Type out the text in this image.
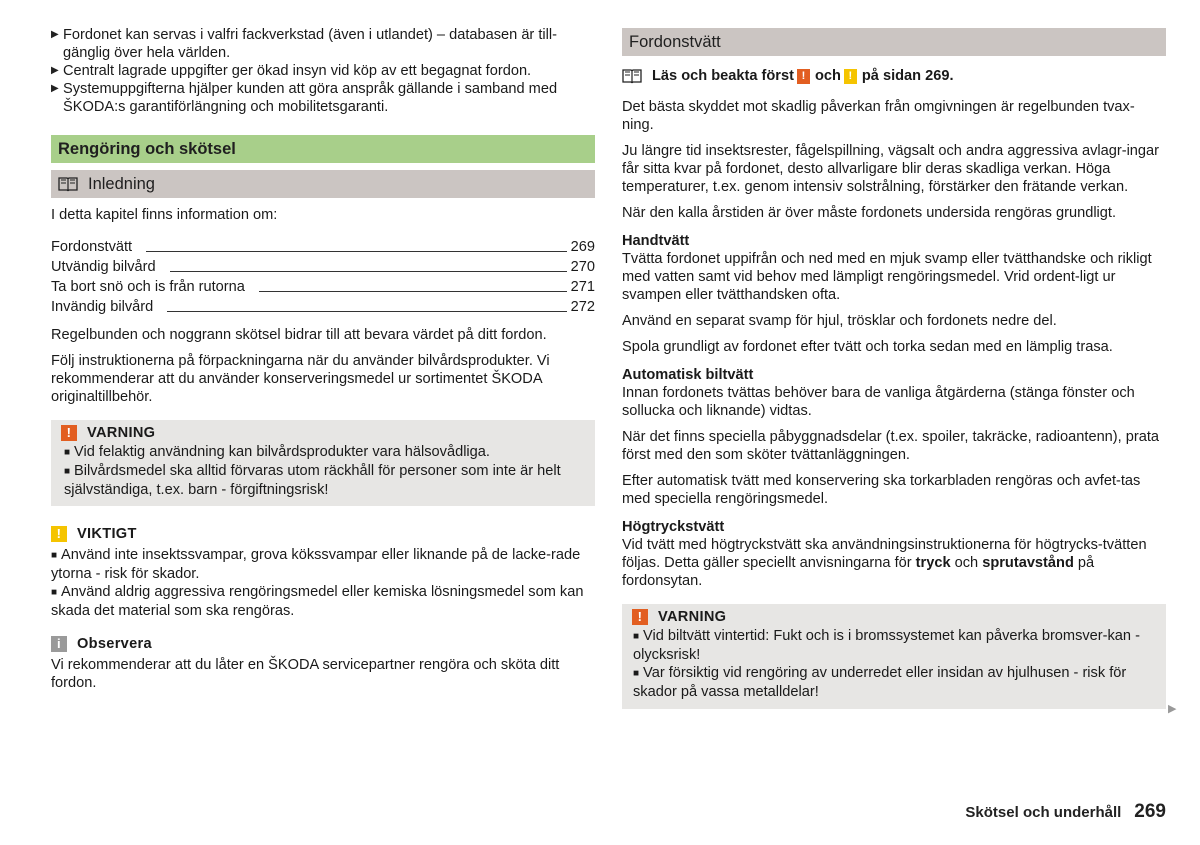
▶ Fordonet kan servas i valfri fackverkstad (även i utlandet) – databasen är till-gänglig över hela världen.
▶ Centralt lagrade uppgifter ger ökad insyn vid köp av ett begagnat fordon.
▶ Systemuppgifterna hjälper kunden att göra anspråk gällande i samband med ŠKODA:s garantiförlängning och mobilitetsgaranti.
Rengöring och skötsel
Inledning

I detta kapitel finns information om:

Fordonstvätt	269
Utvändig bilvård	270
Ta bort snö och is från rutorna	271
Invändig bilvård	272

Regelbunden och noggrann skötsel bidrar till att bevara värdet på ditt fordon.

Följ instruktionerna på förpackningarna när du använder bilvårdsprodukter. Vi rekommenderar att du använder konserveringsmedel ur sortimentet ŠKODA originaltillbehör.

!	VARNING
■ Vid felaktig användning kan bilvårdsprodukter vara hälsovådliga.
■ Bilvårdsmedel ska alltid förvaras utom räckhåll för personer som inte är helt självständiga, t.ex. barn - förgiftningsrisk!
!	VIKTIGT
■ Använd inte insektssvampar, grova kökssvampar eller liknande på de lacke-rade ytorna - risk för skador.
■ Använd aldrig aggressiva rengöringsmedel eller kemiska lösningsmedel som kan skada det material som ska rengöras.
i	Observera
Vi rekommenderar att du låter en ŠKODA servicepartner rengöra och sköta ditt fordon.
Fordonstvätt
Läs och beakta först ! och ! på sidan 269.

Det bästa skyddet mot skadlig påverkan från omgivningen är regelbunden tvax-ning.

Ju längre tid insektsrester, fågelspillning, vägsalt och andra aggressiva avlagr-ingar får sitta kvar på fordonet, desto allvarligare blir deras skadliga verkan. Höga temperaturer, t.ex. genom intensiv solstrålning, förstärker den frätande verkan.

När den kalla årstiden är över måste fordonets undersida rengöras grundligt.

Handtvätt
Tvätta fordonet uppifrån och ned med en mjuk svamp eller tvätthandske och rikligt med vatten samt vid behov med lämpligt rengöringsmedel. Vrid ordent-ligt ur svampen eller tvätthandsken ofta.

Använd en separat svamp för hjul, trösklar och fordonets nedre del.

Spola grundligt av fordonet efter tvätt och torka sedan med en lämplig trasa.

Automatisk biltvätt
Innan fordonets tvättas behöver bara de vanliga åtgärderna (stänga fönster och sollucka och liknande) vidtas.

När det finns speciella påbyggnadsdelar (t.ex. spoiler, takräcke, radioantenn), prata först med den som sköter tvättanläggningen.

Efter automatisk tvätt med konservering ska torkarbladen rengöras och avfet-tas med speciella rengöringsmedel.

Högtryckstvätt
Vid tvätt med högtryckstvätt ska användningsinstruktionerna för högtrycks-tvätten följas. Detta gäller speciellt anvisningarna för tryck och sprutavstånd på fordonsytan.
!	VARNING
■ Vid biltvätt vintertid: Fukt och is i bromssystemet kan påverka bromsver-kan - olycksrisk!
■ Var försiktig vid rengöring av underredet eller insidan av hjulhusen - risk för skador på vassa metalldelar!
▶
Skötsel och underhåll 269
